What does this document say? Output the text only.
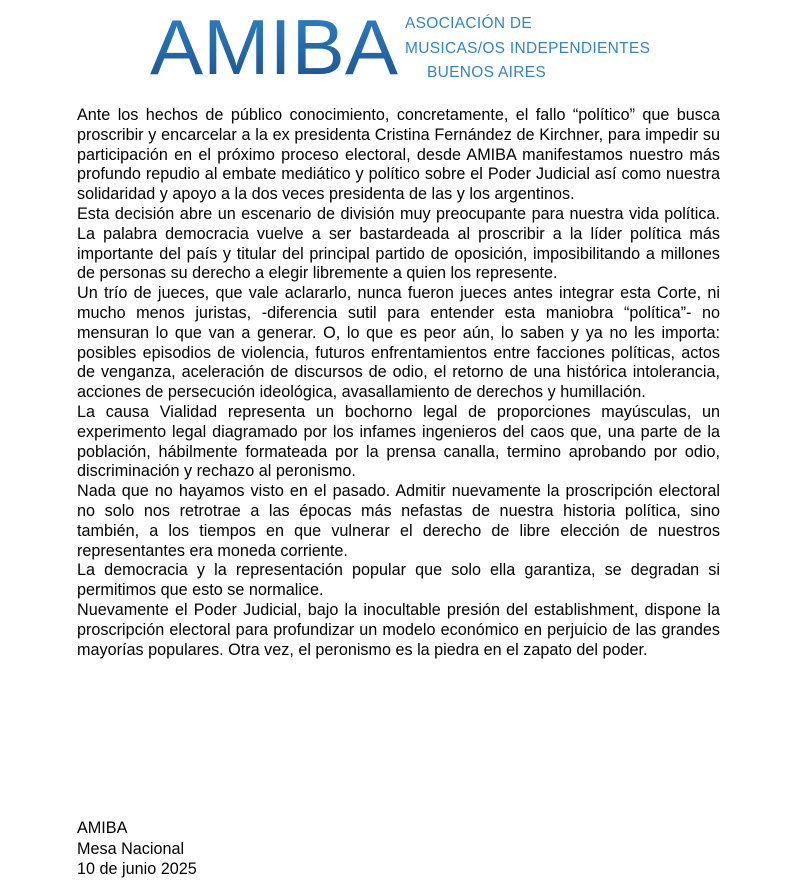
AMIBA ASOCIACIÓN DE
MUSICAS/OS INDEPENDIENTES
BUENOS AIRES

Ante los hechos de público conocimiento, concretamente, el fallo “político” que busca proscribir y encarcelar a la ex presidenta Cristina Fernández de Kirchner, para impedir su participación en el próximo proceso electoral, desde AMIBA manifestamos nuestro más profundo repudio al embate mediático y político sobre el Poder Judicial así como nuestra solidaridad y apoyo a la dos veces presidenta de las y los argentinos.

Esta decisión abre un escenario de división muy preocupante para nuestra vida política. La palabra democracia vuelve a ser bastardeada al proscribir a la líder política más importante del país y titular del principal partido de oposición, imposibilitando a millones de personas su derecho a elegir libremente a quien los represente.

Un trío de jueces, que vale aclararlo, nunca fueron jueces antes integrar esta Corte, ni mucho menos juristas, -diferencia sutil para entender esta maniobra “política”- no mensuran lo que van a generar. O, lo que es peor aún, lo saben y ya no les importa: posibles episodios de violencia, futuros enfrentamientos entre facciones políticas, actos de venganza, aceleración de discursos de odio, el retorno de una histórica intolerancia, acciones de persecución ideológica, avasallamiento de derechos y humillación.

La causa Vialidad representa un bochorno legal de proporciones mayúsculas, un experimento legal diagramado por los infames ingenieros del caos que, una parte de la población, hábilmente formateada por la prensa canalla, termino aprobando por odio, discriminación y rechazo al peronismo.

Nada que no hayamos visto en el pasado. Admitir nuevamente la proscripción electoral no solo nos retrotrae a las épocas más nefastas de nuestra historia política, sino también, a los tiempos en que vulnerar el derecho de libre elección de nuestros representantes era moneda corriente.

La democracia y la representación popular que solo ella garantiza, se degradan si permitimos que esto se normalice.

Nuevamente el Poder Judicial, bajo la inocultable presión del establishment, dispone la proscripción electoral para profundizar un modelo económico en perjuicio de las grandes mayorías populares. Otra vez, el peronismo es la piedra en el zapato del poder.

AMIBA
Mesa Nacional
10 de junio 2025
